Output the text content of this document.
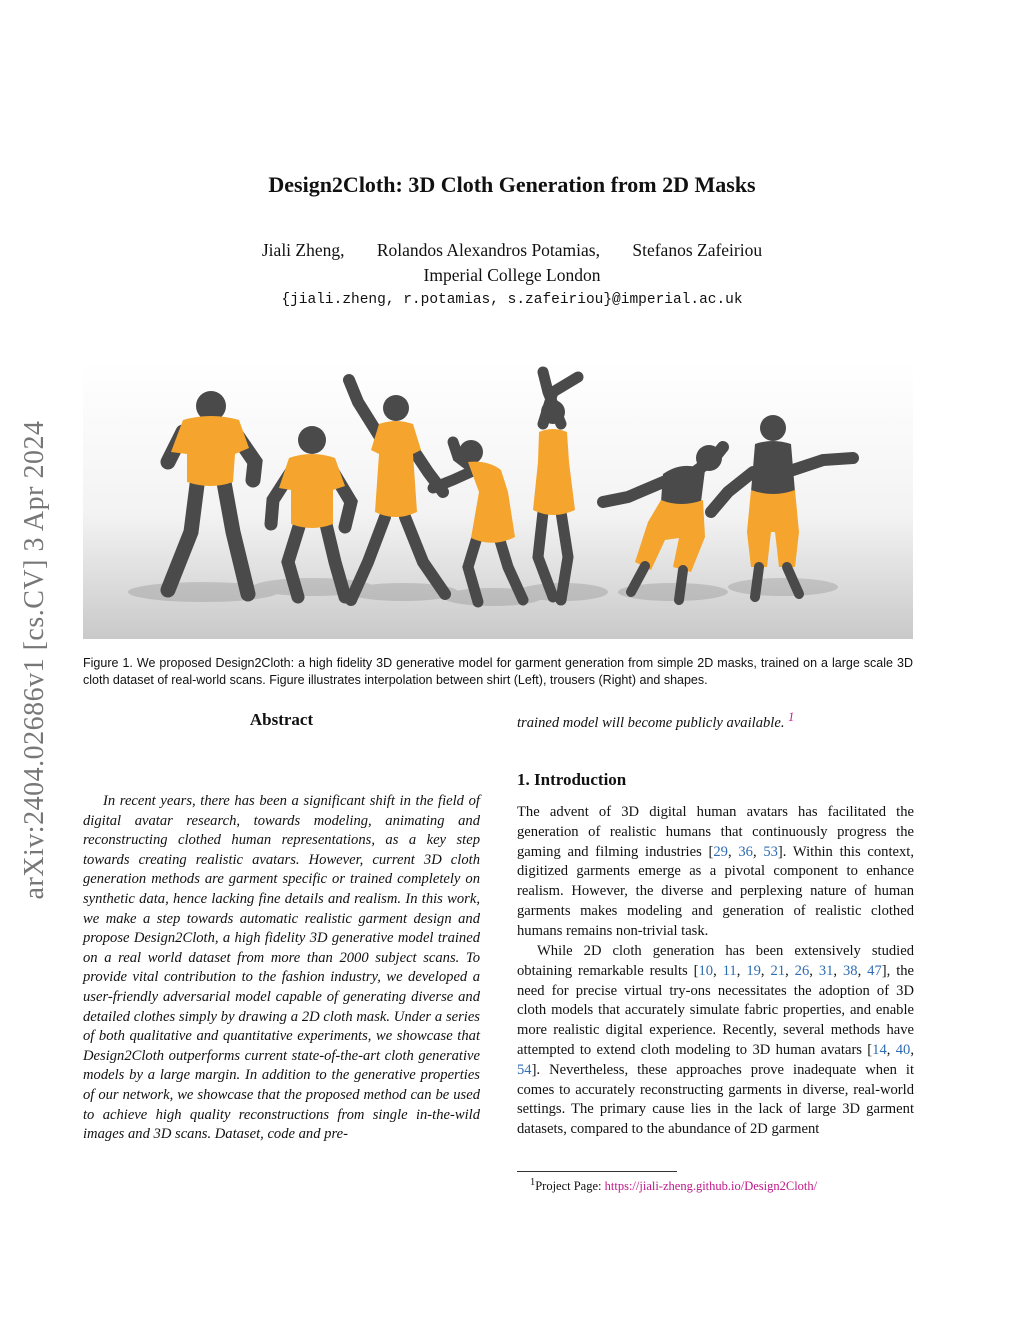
arXiv:2404.02686v1 [cs.CV] 3 Apr 2024
Design2Cloth: 3D Cloth Generation from 2D Masks
Jiali Zheng, Rolandos Alexandros Potamias, Stefanos Zafeiriou
Imperial College London
{jiali.zheng, r.potamias, s.zafeiriou}@imperial.ac.uk
Figure 1. We proposed Design2Cloth: a high fidelity 3D generative model for garment generation from simple 2D masks, trained on a large scale 3D cloth dataset of real-world scans. Figure illustrates interpolation between shirt (Left), trousers (Right) and shapes.
Abstract
In recent years, there has been a significant shift in the field of digital avatar research, towards modeling, animating and reconstructing clothed human representations, as a key step towards creating realistic avatars. However, current 3D cloth generation methods are garment specific or trained completely on synthetic data, hence lacking fine details and realism. In this work, we make a step towards automatic realistic garment design and propose Design2Cloth, a high fidelity 3D generative model trained on a real world dataset from more than 2000 subject scans. To provide vital contribution to the fashion industry, we developed a user-friendly adversarial model capable of generating diverse and detailed clothes simply by drawing a 2D cloth mask. Under a series of both qualitative and quantitative experiments, we showcase that Design2Cloth outperforms current state-of-the-art cloth generative models by a large margin. In addition to the generative properties of our network, we showcase that the proposed method can be used to achieve high quality reconstructions from single in-the-wild images and 3D scans. Dataset, code and pre-
trained model will become publicly available. $^1$
1. Introduction
The advent of 3D digital human avatars has facilitated the generation of realistic humans that continuously progress the gaming and filming industries [29, 36, 53]. Within this context, digitized garments emerge as a pivotal component to enhance realism. However, the diverse and perplexing nature of human garments makes modeling and generation of realistic clothed humans remains non-trivial task.
While 2D cloth generation has been extensively studied obtaining remarkable results [10, 11, 19, 21, 26, 31, 38, 47], the need for precise virtual try-ons necessitates the adoption of 3D cloth models that accurately simulate fabric properties, and enable more realistic digital experience. Recently, several methods have attempted to extend cloth modeling to 3D human avatars [14, 40, 54]. Nevertheless, these approaches prove inadequate when it comes to accurately reconstructing garments in diverse, real-world settings. The primary cause lies in the lack of large 3D garment datasets, compared to the abundance of 2D garment
$^1$Project Page: https://jiali-zheng.github.io/Design2Cloth/
